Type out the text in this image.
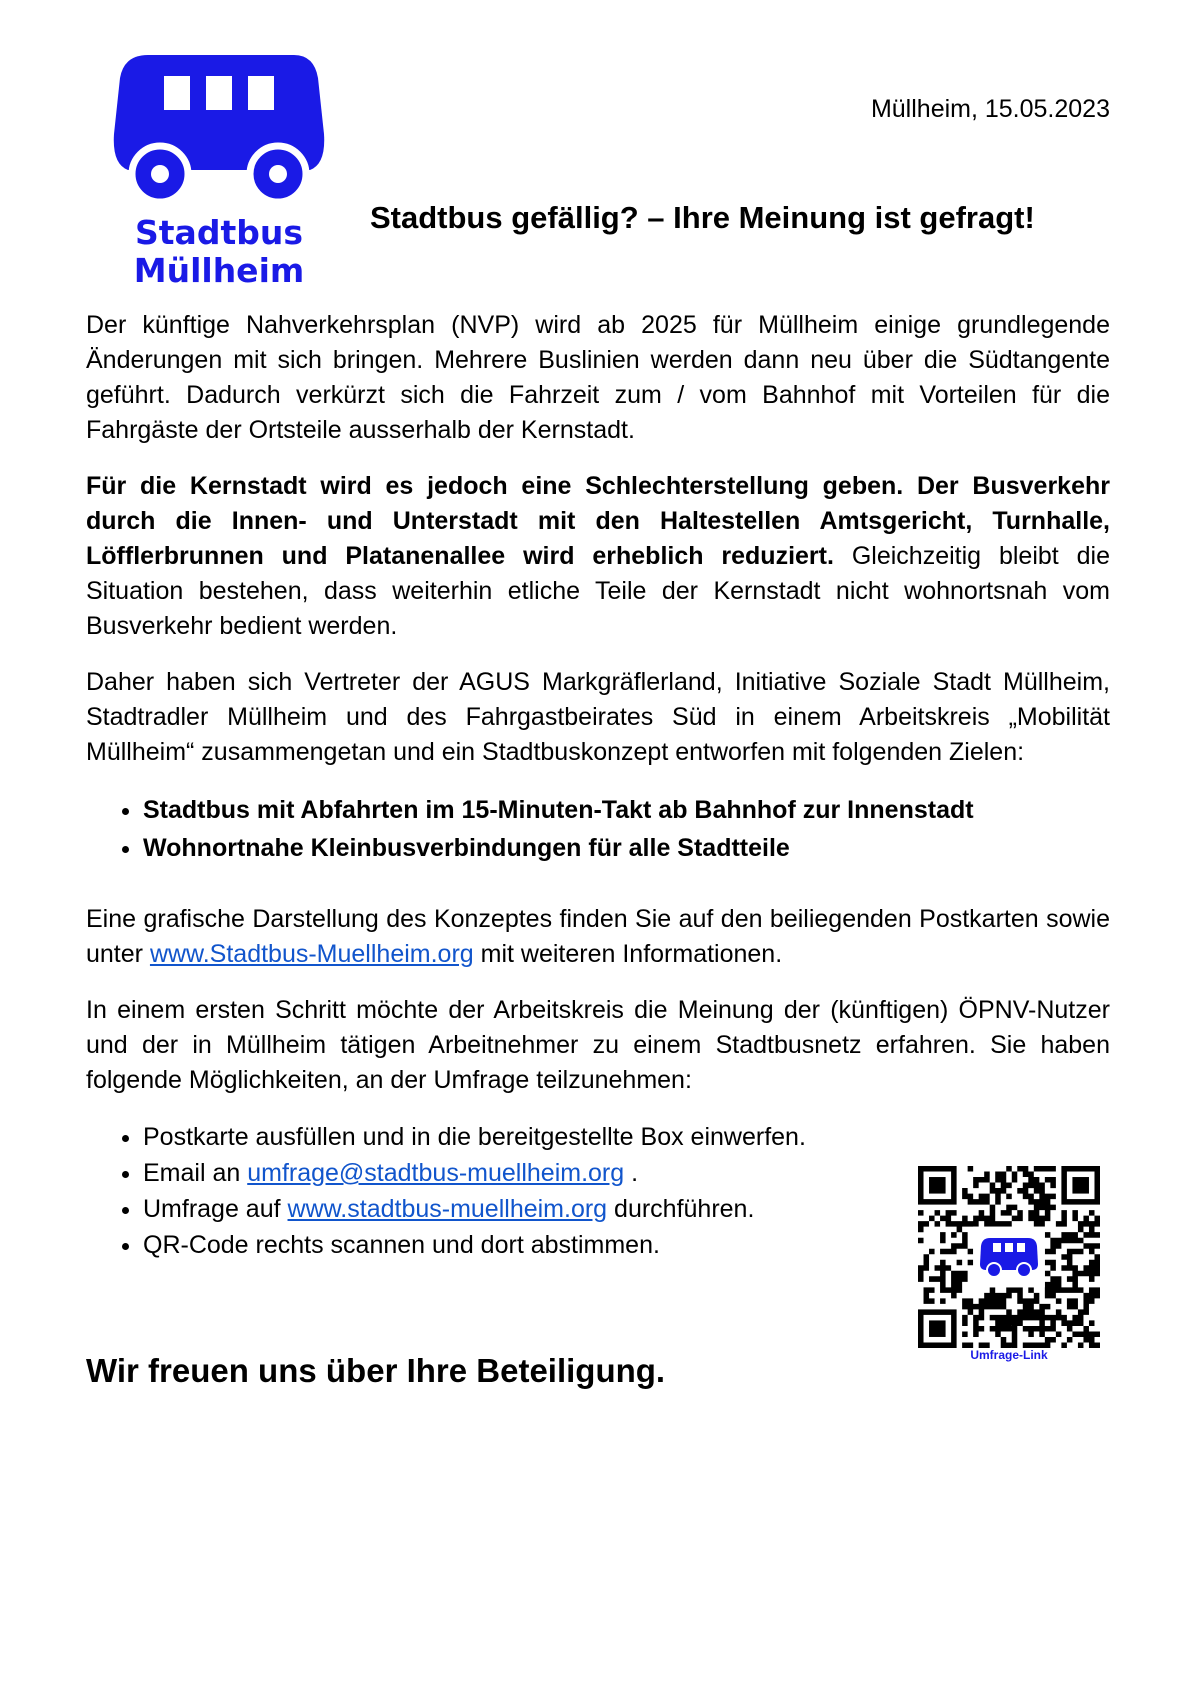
Stadtbus
Müllheim
Müllheim, 15.05.2023
Stadtbus gefällig? – Ihre Meinung ist gefragt!

Der künftige Nahverkehrsplan (NVP) wird ab 2025 für Müllheim einige grundlegende Änderungen mit sich bringen. Mehrere Buslinien werden dann neu über die Südtangente geführt. Dadurch verkürzt sich die Fahrzeit zum / vom Bahnhof mit Vorteilen für die Fahrgäste der Ortsteile ausserhalb der Kernstadt.

Für die Kernstadt wird es jedoch eine Schlechterstellung geben. Der Busverkehr durch die Innen- und Unterstadt mit den Haltestellen Amtsgericht, Turnhalle, Löfflerbrunnen und Platanenallee wird erheblich reduziert. Gleichzeitig bleibt die Situation bestehen, dass weiterhin etliche Teile der Kernstadt nicht wohnortsnah vom Busverkehr bedient werden.

Daher haben sich Vertreter der AGUS Markgräflerland, Initiative Soziale Stadt Müllheim, Stadtradler Müllheim und des Fahrgastbeirates Süd in einem Arbeitskreis „Mobilität Müllheim“ zusammengetan und ein Stadtbuskonzept entworfen mit folgenden Zielen:

• Stadtbus mit Abfahrten im 15-Minuten-Takt ab Bahnhof zur Innenstadt
• Wohnortnahe Kleinbusverbindungen für alle Stadtteile

Eine grafische Darstellung des Konzeptes finden Sie auf den beiliegenden Postkarten sowie unter www.Stadtbus-Muellheim.org mit weiteren Informationen.

In einem ersten Schritt möchte der Arbeitskreis die Meinung der (künftigen) ÖPNV-Nutzer und der in Müllheim tätigen Arbeitnehmer zu einem Stadtbusnetz erfahren. Sie haben folgende Möglichkeiten, an der Umfrage teilzunehmen:

• Postkarte ausfüllen und in die bereitgestellte Box einwerfen.
• Email an umfrage@stadtbus-muellheim.org .
• Umfrage auf www.stadtbus-muellheim.org durchführen.
• QR-Code rechts scannen und dort abstimmen.
Wir freuen uns über Ihre Beteiligung.	Umfrage-Link
